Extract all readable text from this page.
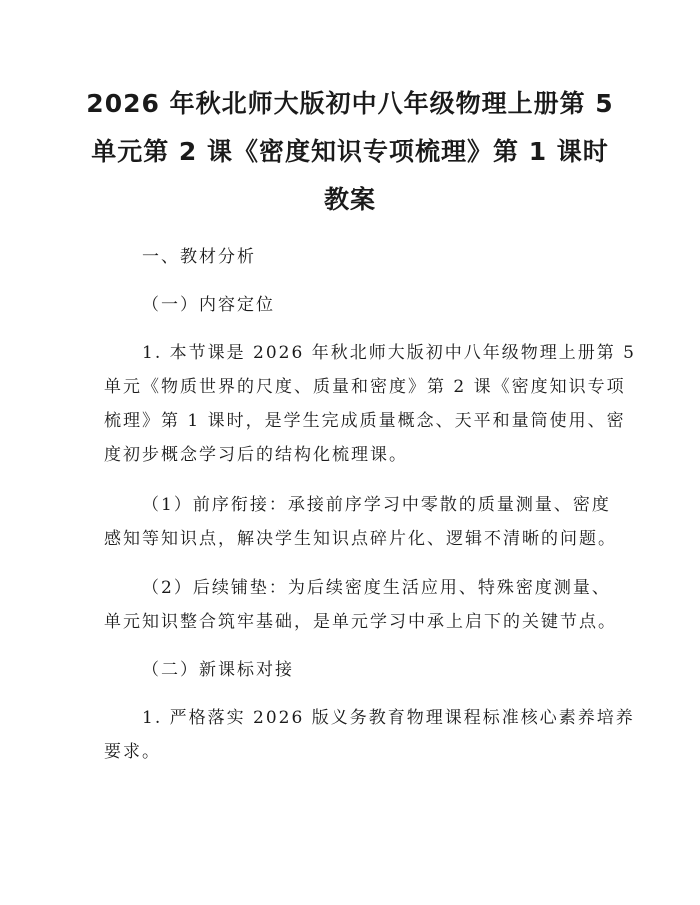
2026 年秋北师大版初中八年级物理上册第 5
单元第 2 课《密度知识专项梳理》第 1 课时
教案
一、教材分析
（一）内容定位
1. 本节课是 2026 年秋北师大版初中八年级物理上册第 5
单元《物质世界的尺度、质量和密度》第 2 课《密度知识专项
梳理》第 1 课时，是学生完成质量概念、天平和量筒使用、密
度初步概念学习后的结构化梳理课。
（1）前序衔接：承接前序学习中零散的质量测量、密度
感知等知识点，解决学生知识点碎片化、逻辑不清晰的问题。
（2）后续铺垫：为后续密度生活应用、特殊密度测量、
单元知识整合筑牢基础，是单元学习中承上启下的关键节点。
（二）新课标对接
1. 严格落实 2026 版义务教育物理课程标准核心素养培养
要求。
